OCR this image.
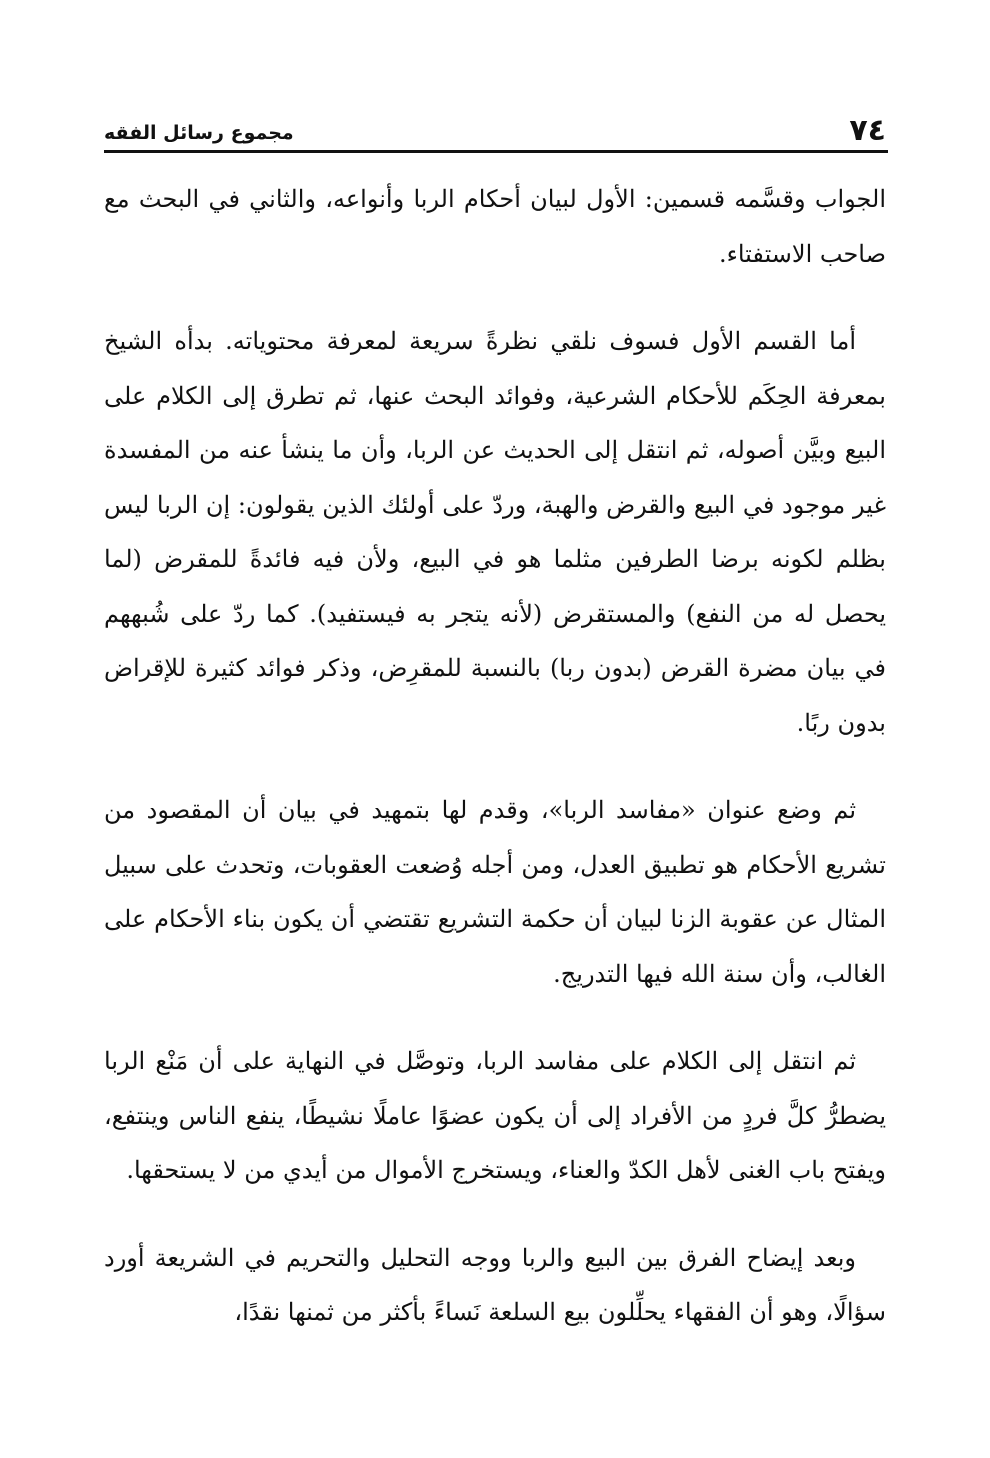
٧٤
مجموع رسائل الفقه

الجواب وقسَّمه قسمين: الأول لبيان أحكام الربا وأنواعه، والثاني في البحث مع صاحب الاستفتاء.

أما القسم الأول فسوف نلقي نظرةً سريعة لمعرفة محتوياته. بدأه الشيخ بمعرفة الحِكَم للأحكام الشرعية، وفوائد البحث عنها، ثم تطرق إلى الكلام على البيع وبيَّن أصوله، ثم انتقل إلى الحديث عن الربا، وأن ما ينشأ عنه من المفسدة غير موجود في البيع والقرض والهبة، وردّ على أولئك الذين يقولون: إن الربا ليس بظلم لكونه برضا الطرفين مثلما هو في البيع، ولأن فيه فائدةً للمقرض (لما يحصل له من النفع) والمستقرض (لأنه يتجر به فيستفيد). كما ردّ على شُبههم في بيان مضرة القرض (بدون ربا) بالنسبة للمقرِض، وذكر فوائد كثيرة للإقراض بدون ربًا.

ثم وضع عنوان «مفاسد الربا»، وقدم لها بتمهيد في بيان أن المقصود من تشريع الأحكام هو تطبيق العدل، ومن أجله وُضعت العقوبات، وتحدث على سبيل المثال عن عقوبة الزنا لبيان أن حكمة التشريع تقتضي أن يكون بناء الأحكام على الغالب، وأن سنة الله فيها التدريج.

ثم انتقل إلى الكلام على مفاسد الربا، وتوصَّل في النهاية على أن مَنْع الربا يضطرُّ كلَّ فردٍ من الأفراد إلى أن يكون عضوًا عاملًا نشيطًا، ينفع الناس وينتفع، ويفتح باب الغنى لأهل الكدّ والعناء، ويستخرج الأموال من أيدي من لا يستحقها.

وبعد إيضاح الفرق بين البيع والربا ووجه التحليل والتحريم في الشريعة أورد سؤالًا، وهو أن الفقهاء يحلِّلون بيع السلعة نَساءً بأكثر من ثمنها نقدًا،
